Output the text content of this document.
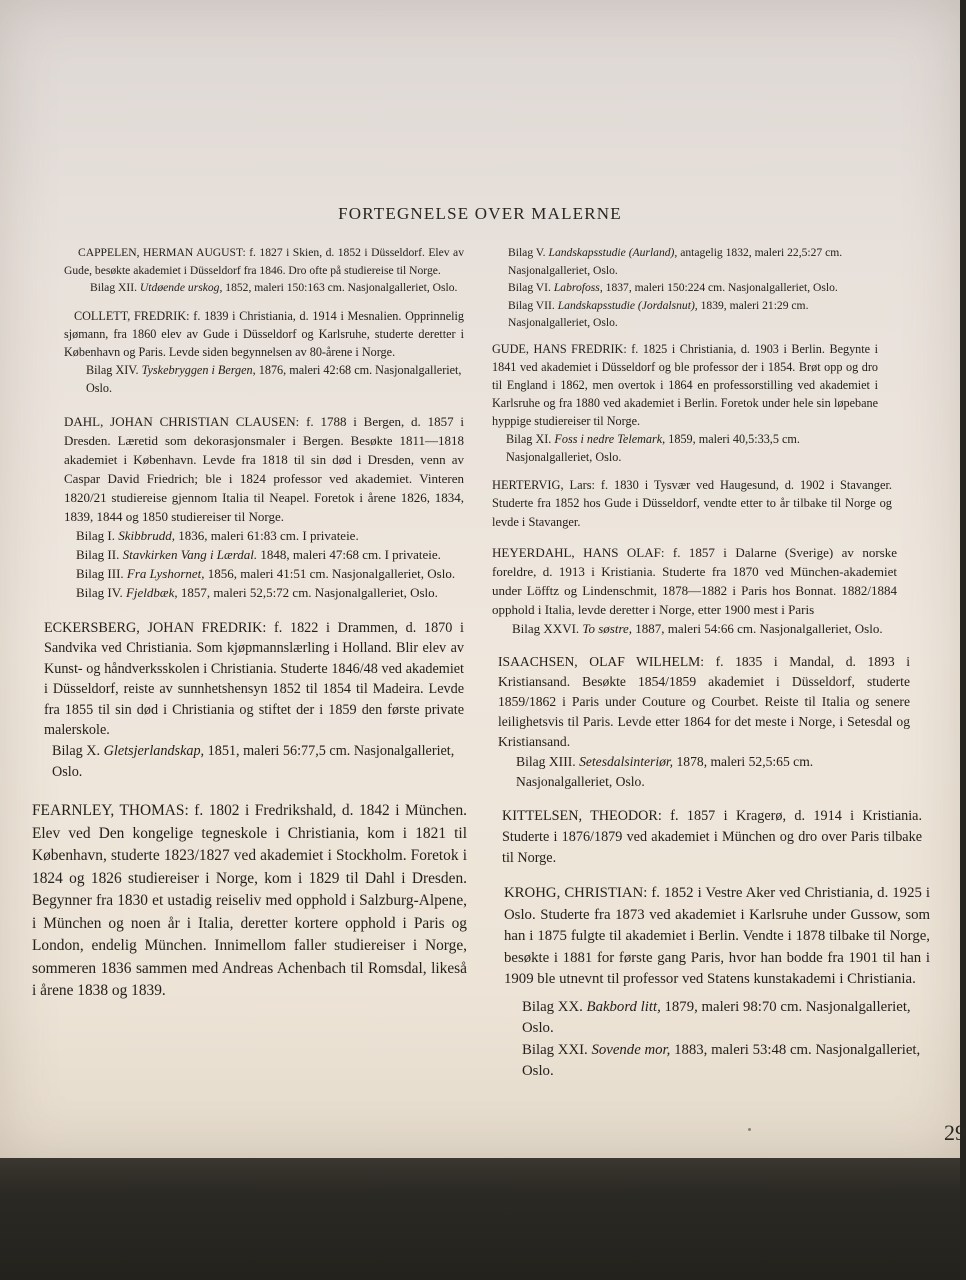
FORTEGNELSE OVER MALERNE

CAPPELEN, HERMAN AUGUST: f. 1827 i Skien, d. 1852 i Düsseldorf. Elev av Gude, besøkte akademiet i Düsseldorf fra 1846. Dro ofte på studiereise til Norge.

Bilag XII. Utdøende urskog, 1852, maleri 150:163 cm. Nasjonalgalleriet, Oslo.

COLLETT, FREDRIK: f. 1839 i Christiania, d. 1914 i Mesnalien. Opprinnelig sjømann, fra 1860 elev av Gude i Düsseldorf og Karlsruhe, studerte deretter i København og Paris. Levde siden begynnelsen av 80-årene i Norge.

Bilag XIV. Tyskebryggen i Bergen, 1876, maleri 42:68 cm. Nasjonalgalleriet, Oslo.

DAHL, JOHAN CHRISTIAN CLAUSEN: f. 1788 i Bergen, d. 1857 i Dresden. Læretid som dekorasjonsmaler i Bergen. Besøkte 1811—1818 akademiet i København. Levde fra 1818 til sin død i Dresden, venn av Caspar David Friedrich; ble i 1824 professor ved akademiet. Vinteren 1820/21 studiereise gjennom Italia til Neapel. Foretok i årene 1826, 1834, 1839, 1844 og 1850 studiereiser til Norge.

Bilag I. Skibbrudd, 1836, maleri 61:83 cm. I privateie.

Bilag II. Stavkirken Vang i Lærdal. 1848, maleri 47:68 cm. I privateie.

Bilag III. Fra Lyshornet, 1856, maleri 41:51 cm. Nasjonalgalleriet, Oslo.

Bilag IV. Fjeldbæk, 1857, maleri 52,5:72 cm. Nasjonalgalleriet, Oslo.

ECKERSBERG, JOHAN FREDRIK: f. 1822 i Drammen, d. 1870 i Sandvika ved Christiania. Som kjøpmannslærling i Holland. Blir elev av Kunst- og håndverksskolen i Christiania. Studerte 1846/48 ved akademiet i Düsseldorf, reiste av sunnhetshensyn 1852 til 1854 til Madeira. Levde fra 1855 til sin død i Christiania og stiftet der i 1859 den første private malerskole.

Bilag X. Gletsjerlandskap, 1851, maleri 56:77,5 cm. Nasjonalgalleriet, Oslo.

FEARNLEY, THOMAS: f. 1802 i Fredrikshald, d. 1842 i München. Elev ved Den kongelige tegneskole i Christiania, kom i 1821 til København, studerte 1823/1827 ved akademiet i Stockholm. Foretok i 1824 og 1826 studiereiser i Norge, kom i 1829 til Dahl i Dresden. Begynner fra 1830 et ustadig reiseliv med opphold i Salzburg-Alpene, i München og noen år i Italia, deretter kortere opphold i Paris og London, endelig München. Innimellom faller studiereiser i Norge, sommeren 1836 sammen med Andreas Achenbach til Romsdal, likeså i årene 1838 og 1839.

Bilag V. Landskapsstudie (Aurland), antagelig 1832, maleri 22,5:27 cm. Nasjonalgalleriet, Oslo.

Bilag VI. Labrofoss, 1837, maleri 150:224 cm. Nasjonalgalleriet, Oslo.

Bilag VII. Landskapsstudie (Jordalsnut), 1839, maleri 21:29 cm. Nasjonalgalleriet, Oslo.

GUDE, HANS FREDRIK: f. 1825 i Christiania, d. 1903 i Berlin. Begynte i 1841 ved akademiet i Düsseldorf og ble professor der i 1854. Brøt opp og dro til England i 1862, men overtok i 1864 en professorstilling ved akademiet i Karlsruhe og fra 1880 ved akademiet i Berlin. Foretok under hele sin løpebane hyppige studiereiser til Norge.

Bilag XI. Foss i nedre Telemark, 1859, maleri 40,5:33,5 cm. Nasjonalgalleriet, Oslo.

HERTERVIG, Lars: f. 1830 i Tysvær ved Haugesund, d. 1902 i Stavanger. Studerte fra 1852 hos Gude i Düsseldorf, vendte etter to år tilbake til Norge og levde i Stavanger.

HEYERDAHL, HANS OLAF: f. 1857 i Dalarne (Sverige) av norske foreldre, d. 1913 i Kristiania. Studerte fra 1870 ved München-akademiet under Löfftz og Lindenschmit, 1878—1882 i Paris hos Bonnat. 1882/1884 opphold i Italia, levde deretter i Norge, etter 1900 mest i Paris

Bilag XXVI. To søstre, 1887, maleri 54:66 cm. Nasjonalgalleriet, Oslo.

ISAACHSEN, OLAF WILHELM: f. 1835 i Mandal, d. 1893 i Kristiansand. Besøkte 1854/1859 akademiet i Düsseldorf, studerte 1859/1862 i Paris under Couture og Courbet. Reiste til Italia og senere leilighetsvis til Paris. Levde etter 1864 for det meste i Norge, i Setesdal og Kristiansand.

Bilag XIII. Setesdalsinteriør, 1878, maleri 52,5:65 cm. Nasjonalgalleriet, Oslo.

KITTELSEN, THEODOR: f. 1857 i Kragerø, d. 1914 i Kristiania. Studerte i 1876/1879 ved akademiet i München og dro over Paris tilbake til Norge.

KROHG, CHRISTIAN: f. 1852 i Vestre Aker ved Christiania, d. 1925 i Oslo. Studerte fra 1873 ved akademiet i Karlsruhe under Gussow, som han i 1875 fulgte til akademiet i Berlin. Vendte i 1878 tilbake til Norge, besøkte i 1881 for første gang Paris, hvor han bodde fra 1901 til han i 1909 ble utnevnt til professor ved Statens kunstakademi i Christiania.

Bilag XX. Bakbord litt, 1879, maleri 98:70 cm. Nasjonalgalleriet, Oslo.

Bilag XXI. Sovende mor, 1883, maleri 53:48 cm. Nasjonalgalleriet, Oslo.

29
